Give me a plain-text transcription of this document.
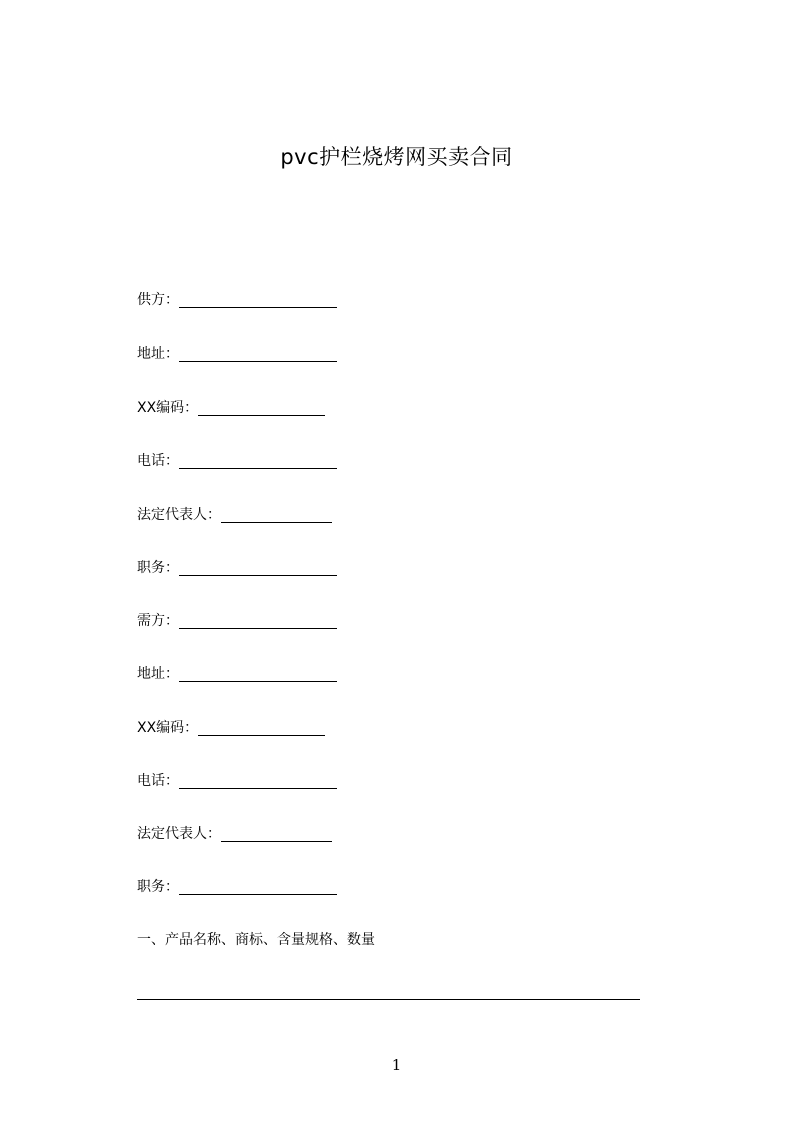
pvc护栏烧烤网买卖合同
供方：
地址：
XX编码：
电话：
法定代表人：
职务：
需方：
地址：
XX编码：
电话：
法定代表人：
职务：
一、产品名称、商标、含量规格、数量
1
